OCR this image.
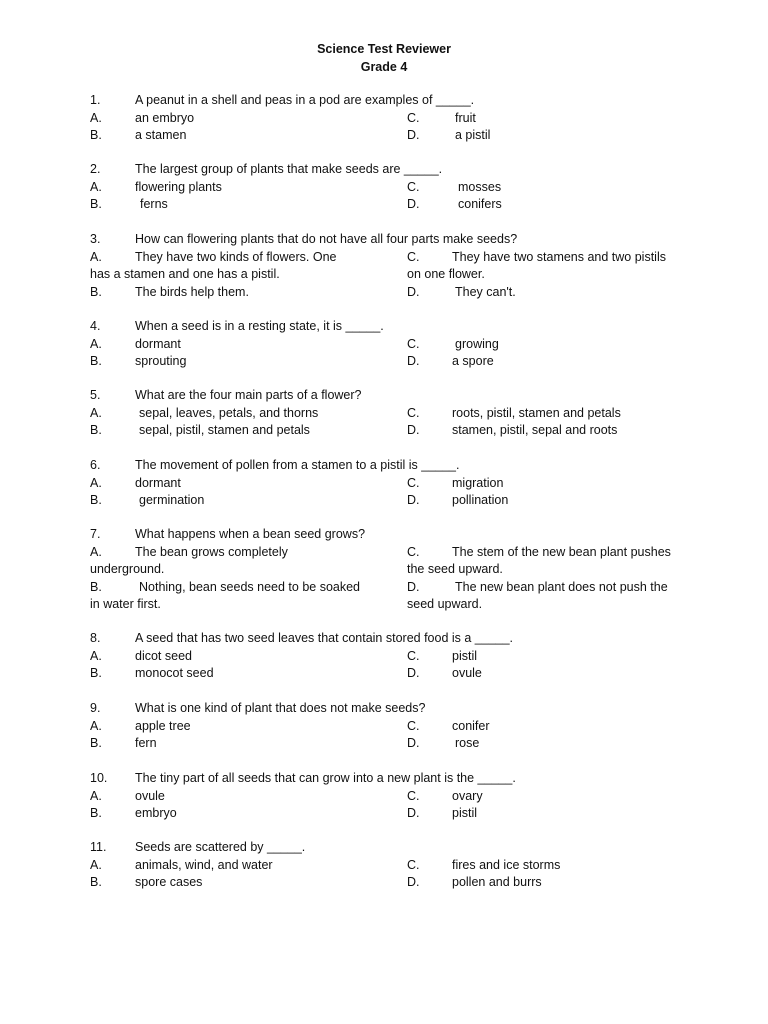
Science Test Reviewer
Grade 4
1.	A peanut in a shell and peas in a pod are examples of _____.
A.	an embryo	C.	fruit
B.	a stamen	D.	a pistil
2.	The largest group of plants that make seeds are _____.
A.	flowering plants	C.	mosses
B.	ferns	D.	conifers
3.	How can flowering plants that do not have all four parts make seeds?
A.	They have two kinds of flowers. One	C.	They have two stamens and two pistils
has a stamen and one has a pistil.	on one flower.
B.	The birds help them.	D.	They can't.
4.	When a seed is in a resting state, it is _____.
A.	dormant	C.	growing
B.	sprouting	D.	a spore
5.	What are the four main parts of a flower?
A.	sepal, leaves, petals, and thorns	C.	roots, pistil, stamen and petals
B.	sepal, pistil, stamen and petals	D.	stamen, pistil, sepal and roots
6.	The movement of pollen from a stamen to a pistil is _____.
A.	dormant	C.	migration
B.	germination	D.	pollination
7.	What happens when a bean seed grows?
A.	The bean grows completely	C.	The stem of the new bean plant pushes
underground.	the seed upward.
B.	Nothing, bean seeds need to be soaked	D.	The new bean plant does not push the
in water first.	seed upward.
8.	A seed that has two seed leaves that contain stored food is a _____.
A.	dicot seed	C.	pistil
B.	monocot seed	D.	ovule
9.	What is one kind of plant that does not make seeds?
A.	apple tree	C.	conifer
B.	fern	D.	rose
10. The tiny part of all seeds that can grow into a new plant is the _____.
A.	ovule	C.	ovary
B.	embryo	D.	pistil
11. Seeds are scattered by _____.
A.	animals, wind, and water	C.	fires and ice storms
B.	spore cases	D.	pollen and burrs
